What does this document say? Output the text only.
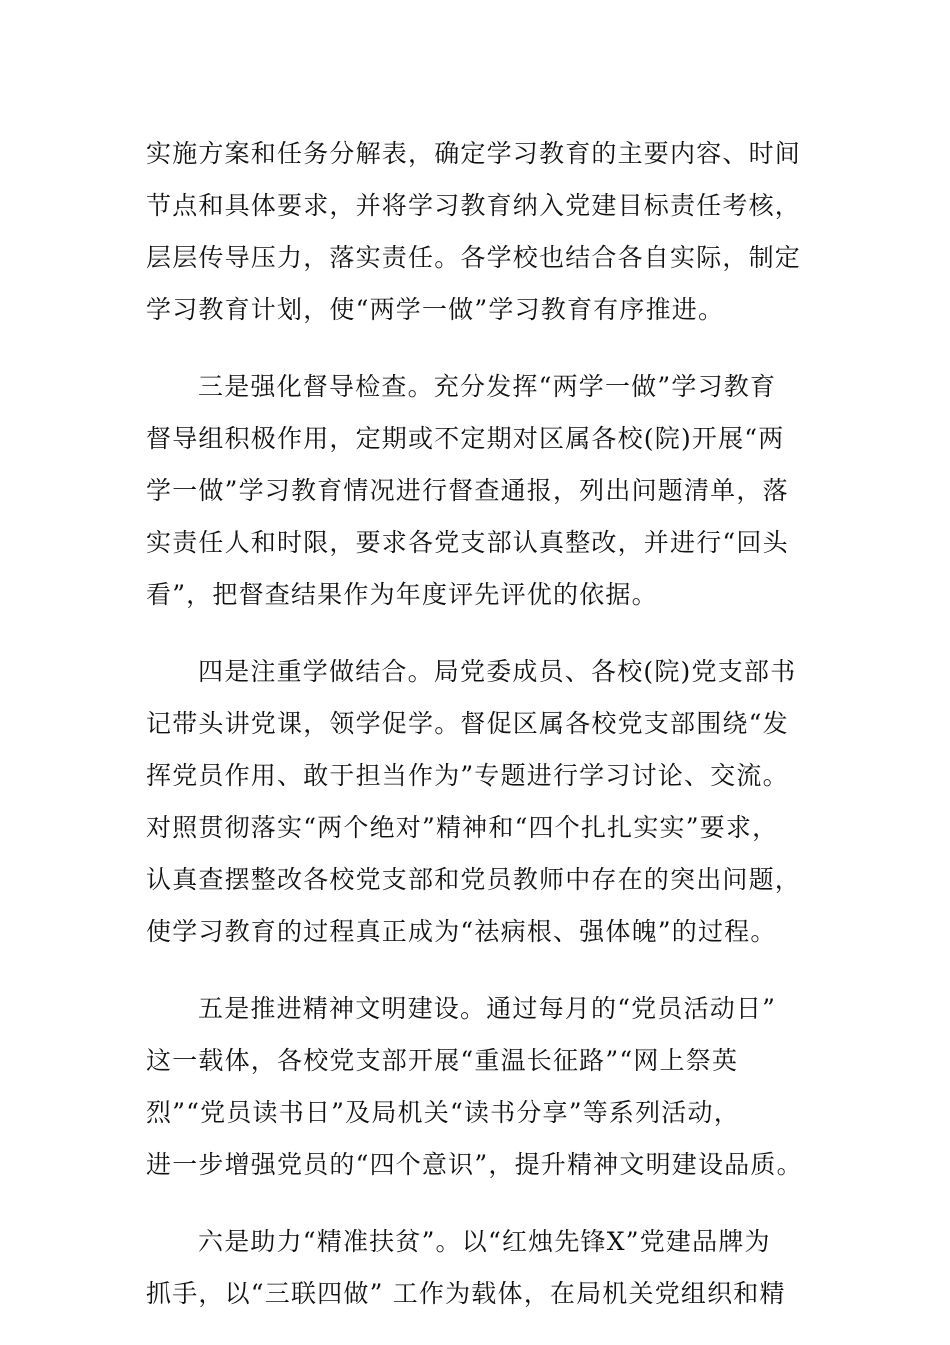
实施方案和任务分解表，确定学习教育的主要内容、时间
节点和具体要求，并将学习教育纳入党建目标责任考核，
层层传导压力，落实责任。各学校也结合各自实际，制定
学习教育计划，使“两学一做”学习教育有序推进。
三是强化督导检查。充分发挥“两学一做”学习教育
督导组积极作用，定期或不定期对区属各校(院)开展“两
学一做”学习教育情况进行督查通报，列出问题清单，落
实责任人和时限，要求各党支部认真整改，并进行“回头
看”，把督查结果作为年度评先评优的依据。
四是注重学做结合。局党委成员、各校(院)党支部书
记带头讲党课，领学促学。督促区属各校党支部围绕“发
挥党员作用、敢于担当作为”专题进行学习讨论、交流。
对照贯彻落实“两个绝对”精神和“四个扎扎实实”要求，
认真查摆整改各校党支部和党员教师中存在的突出问题，
使学习教育的过程真正成为“祛病根、强体魄”的过程。
五是推进精神文明建设。通过每月的“党员活动日”
这一载体，各校党支部开展“重温长征路”“网上祭英
烈”“党员读书日”及局机关“读书分享”等系列活动，
进一步增强党员的“四个意识”，提升精神文明建设品质。
六是助力“精准扶贫”。以“红烛先锋X”党建品牌为
抓手，以“三联四做” 工作为载体，在局机关党组织和精
